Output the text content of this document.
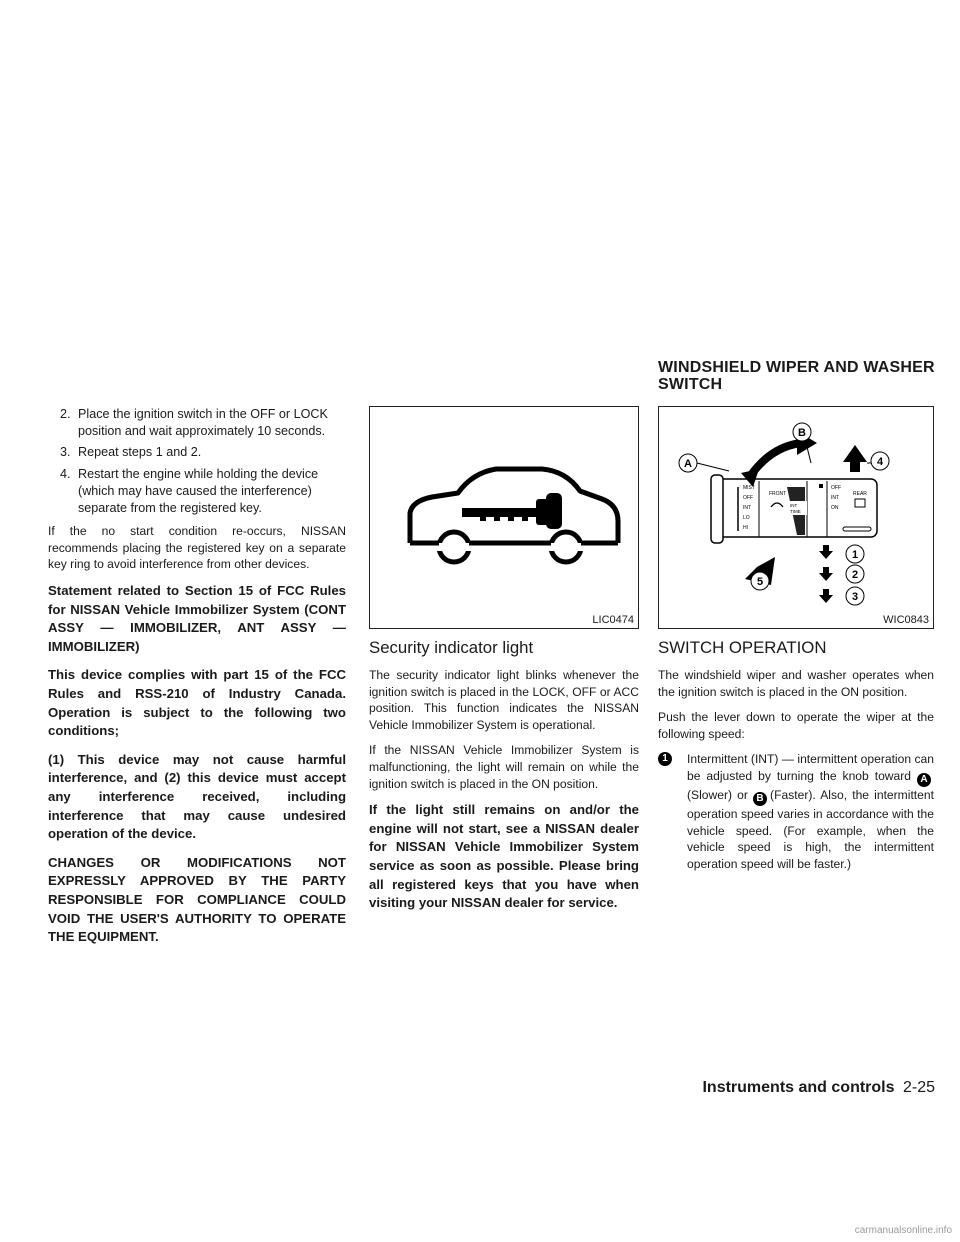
WINDSHIELD WIPER AND WASHER SWITCH
2. Place the ignition switch in the OFF or LOCK position and wait approximately 10 seconds.
3. Repeat steps 1 and 2.
4. Restart the engine while holding the device (which may have caused the interference) separate from the registered key.

If the no start condition re-occurs, NISSAN recommends placing the registered key on a separate key ring to avoid interference from other devices.

Statement related to Section 15 of FCC Rules for NISSAN Vehicle Immobilizer System (CONT ASSY — IMMOBILIZER, ANT ASSY — IMMOBILIZER)

This device complies with part 15 of the FCC Rules and RSS-210 of Industry Canada. Operation is subject to the following two conditions;

(1) This device may not cause harmful interference, and (2) this device must accept any interference received, including interference that may cause undesired operation of the device.

CHANGES OR MODIFICATIONS NOT EXPRESSLY APPROVED BY THE PARTY RESPONSIBLE FOR COMPLIANCE COULD VOID THE USER'S AUTHORITY TO OPERATE THE EQUIPMENT.

LIC0474
Security indicator light

The security indicator light blinks whenever the ignition switch is placed in the LOCK, OFF or ACC position. This function indicates the NISSAN Vehicle Immobilizer System is operational.

If the NISSAN Vehicle Immobilizer System is malfunctioning, the light will remain on while the ignition switch is placed in the ON position.

If the light still remains on and/or the engine will not start, see a NISSAN dealer for NISSAN Vehicle Immobilizer System service as soon as possible. Please bring all registered keys that you have when visiting your NISSAN dealer for service.

MIST
OFF
INT
LO
HI
FRONT
INT
TIME
OFF
INT
ON
REAR
A
B
4
5
1
2
3
WIC0843
SWITCH OPERATION

The windshield wiper and washer operates when the ignition switch is placed in the ON position.

Push the lever down to operate the wiper at the following speed:

1	Intermittent (INT) — intermittent operation can be adjusted by turning the knob toward A(Slower) or B (Faster). Also, the intermittent operation speed varies in accordance with the vehicle speed. (For example, when the vehicle speed is high, the intermittent operation speed will be faster.)

Instruments and controls 2-25
carmanualsonline.info
